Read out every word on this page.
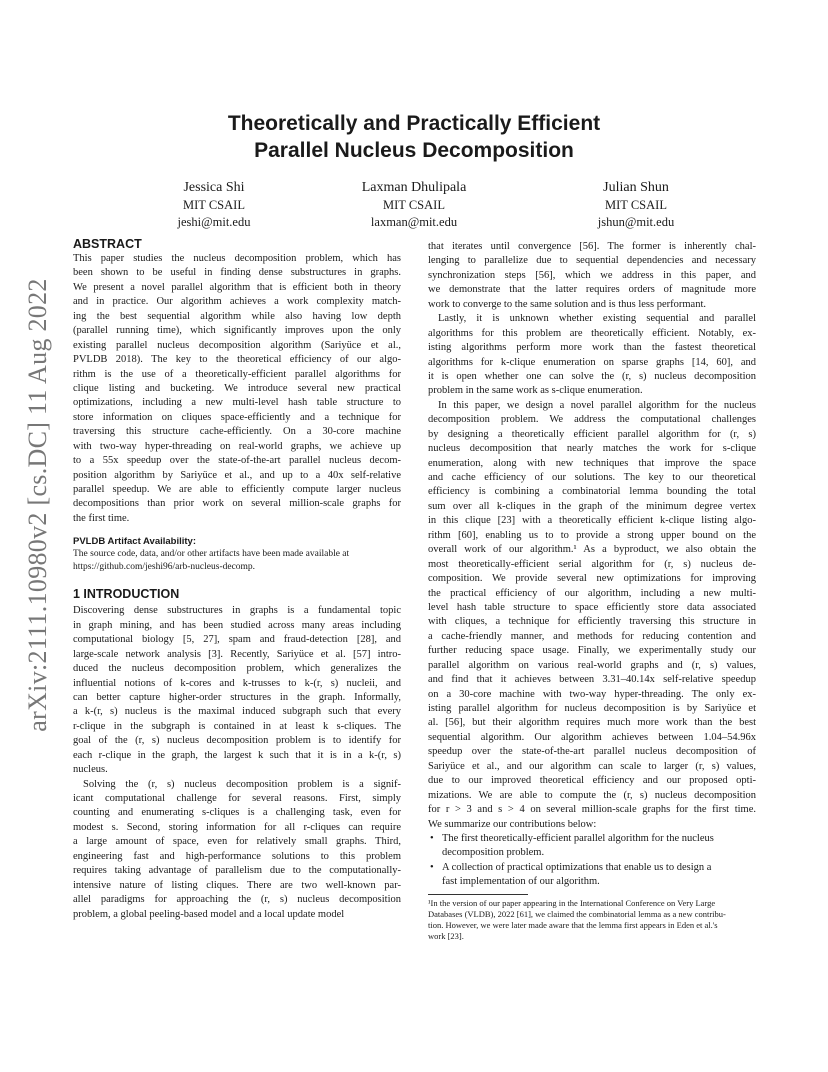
arXiv:2111.10980v2 [cs.DC] 11 Aug 2022
Theoretically and Practically Efficient
Parallel Nucleus Decomposition
Jessica Shi
MIT CSAIL
jeshi@mit.edu
Laxman Dhulipala
MIT CSAIL
laxman@mit.edu
Julian Shun
MIT CSAIL
jshun@mit.edu
ABSTRACT
This paper studies the nucleus decomposition problem, which has
been shown to be useful in finding dense substructures in graphs.
We present a novel parallel algorithm that is efficient both in theory
and in practice. Our algorithm achieves a work complexity match-
ing the best sequential algorithm while also having low depth
(parallel running time), which significantly improves upon the only
existing parallel nucleus decomposition algorithm (Sariyüce et al.,
PVLDB 2018). The key to the theoretical efficiency of our algo-
rithm is the use of a theoretically-efficient parallel algorithms for
clique listing and bucketing. We introduce several new practical
optimizations, including a new multi-level hash table structure to
store information on cliques space-efficiently and a technique for
traversing this structure cache-efficiently. On a 30-core machine
with two-way hyper-threading on real-world graphs, we achieve up
to a 55x speedup over the state-of-the-art parallel nucleus decom-
position algorithm by Sariyüce et al., and up to a 40x self-relative
parallel speedup. We are able to efficiently compute larger nucleus
decompositions than prior work on several million-scale graphs for
the first time.
PVLDB Artifact Availability:
The source code, data, and/or other artifacts have been made available at
https://github.com/jeshi96/arb-nucleus-decomp.
1 INTRODUCTION
Discovering dense substructures in graphs is a fundamental topic
in graph mining, and has been studied across many areas including
computational biology [5, 27], spam and fraud-detection [28], and
large-scale network analysis [3]. Recently, Sariyüce et al. [57] intro-
duced the nucleus decomposition problem, which generalizes the
influential notions of k-cores and k-trusses to k-(r, s) nucleii, and
can better capture higher-order structures in the graph. Informally,
a k-(r, s) nucleus is the maximal induced subgraph such that every
r-clique in the subgraph is contained in at least k s-cliques. The
goal of the (r, s) nucleus decomposition problem is to identify for
each r-clique in the graph, the largest k such that it is in a k-(r, s)
nucleus.
Solving the (r, s) nucleus decomposition problem is a signif-
icant computational challenge for several reasons. First, simply
counting and enumerating s-cliques is a challenging task, even for
modest s. Second, storing information for all r-cliques can require
a large amount of space, even for relatively small graphs. Third,
engineering fast and high-performance solutions to this problem
requires taking advantage of parallelism due to the computationally-
intensive nature of listing cliques. There are two well-known par-
allel paradigms for approaching the (r, s) nucleus decomposition
problem, a global peeling-based model and a local update model
that iterates until convergence [56]. The former is inherently chal-
lenging to parallelize due to sequential dependencies and necessary
synchronization steps [56], which we address in this paper, and
we demonstrate that the latter requires orders of magnitude more
work to converge to the same solution and is thus less performant.
Lastly, it is unknown whether existing sequential and parallel
algorithms for this problem are theoretically efficient. Notably, ex-
isting algorithms perform more work than the fastest theoretical
algorithms for k-clique enumeration on sparse graphs [14, 60], and
it is open whether one can solve the (r, s) nucleus decomposition
problem in the same work as s-clique enumeration.
In this paper, we design a novel parallel algorithm for the nucleus
decomposition problem. We address the computational challenges
by designing a theoretically efficient parallel algorithm for (r, s)
nucleus decomposition that nearly matches the work for s-clique
enumeration, along with new techniques that improve the space
and cache efficiency of our solutions. The key to our theoretical
efficiency is combining a combinatorial lemma bounding the total
sum over all k-cliques in the graph of the minimum degree vertex
in this clique [23] with a theoretically efficient k-clique listing algo-
rithm [60], enabling us to to provide a strong upper bound on the
overall work of our algorithm.¹ As a byproduct, we also obtain the
most theoretically-efficient serial algorithm for (r, s) nucleus de-
composition. We provide several new optimizations for improving
the practical efficiency of our algorithm, including a new multi-
level hash table structure to space efficiently store data associated
with cliques, a technique for efficiently traversing this structure in
a cache-friendly manner, and methods for reducing contention and
further reducing space usage. Finally, we experimentally study our
parallel algorithm on various real-world graphs and (r, s) values,
and find that it achieves between 3.31–40.14x self-relative speedup
on a 30-core machine with two-way hyper-threading. The only ex-
isting parallel algorithm for nucleus decomposition is by Sariyüce et
al. [56], but their algorithm requires much more work than the best
sequential algorithm. Our algorithm achieves between 1.04–54.96x
speedup over the state-of-the-art parallel nucleus decomposition of
Sariyüce et al., and our algorithm can scale to larger (r, s) values,
due to our improved theoretical efficiency and our proposed opti-
mizations. We are able to compute the (r, s) nucleus decomposition
for r > 3 and s > 4 on several million-scale graphs for the first time.
We summarize our contributions below:
• The first theoretically-efficient parallel algorithm for the nucleus
decomposition problem.
• A collection of practical optimizations that enable us to design a
fast implementation of our algorithm.
¹In the version of our paper appearing in the International Conference on Very Large
Databases (VLDB), 2022 [61], we claimed the combinatorial lemma as a new contribu-
tion. However, we were later made aware that the lemma first appears in Eden et al.'s
work [23].
